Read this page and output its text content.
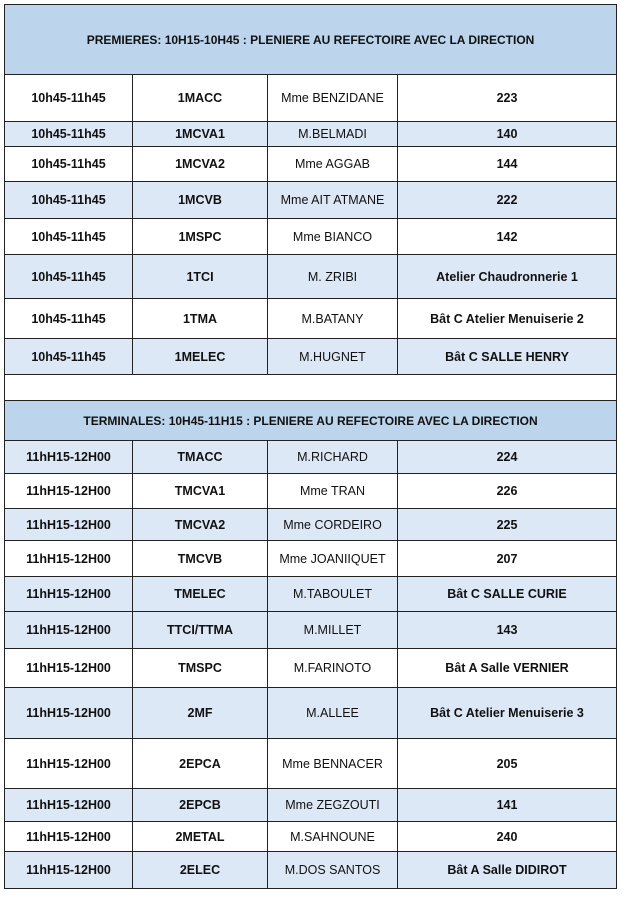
PREMIERES: 10H15-10H45 : PLENIERE AU REFECTOIRE AVEC LA DIRECTION			
10h45-11h45	1MACC	Mme BENZIDANE	223
10h45-11h45	1MCVA1	M.BELMADI	140
10h45-11h45	1MCVA2	Mme AGGAB	144
10h45-11h45	1MCVB	Mme AIT ATMANE	222
10h45-11h45	1MSPC	Mme BIANCO	142
10h45-11h45	1TCI	M. ZRIBI	Atelier Chaudronnerie 1
10h45-11h45	1TMA	M.BATANY	Bât C Atelier Menuiserie 2
10h45-11h45	1MELEC	M.HUGNET	Bât C SALLE HENRY

TERMINALES: 10H45-11H15 : PLENIERE AU REFECTOIRE AVEC LA DIRECTION			
11hH15-12H00	TMACC	M.RICHARD	224
11hH15-12H00	TMCVA1	Mme TRAN	226
11hH15-12H00	TMCVA2	Mme CORDEIRO	225
11hH15-12H00	TMCVB	Mme JOANIIQUET	207
11hH15-12H00	TMELEC	M.TABOULET	Bât C SALLE CURIE
11hH15-12H00	TTCI/TTMA	M.MILLET	143
11hH15-12H00	TMSPC	M.FARINOTO	Bât A Salle VERNIER
11hH15-12H00	2MF	M.ALLEE	Bât C Atelier Menuiserie 3
11hH15-12H00	2EPCA	Mme BENNACER	205
11hH15-12H00	2EPCB	Mme ZEGZOUTI	141
11hH15-12H00	2METAL	M.SAHNOUNE	240
11hH15-12H00	2ELEC	M.DOS SANTOS	Bât A Salle DIDIROT
